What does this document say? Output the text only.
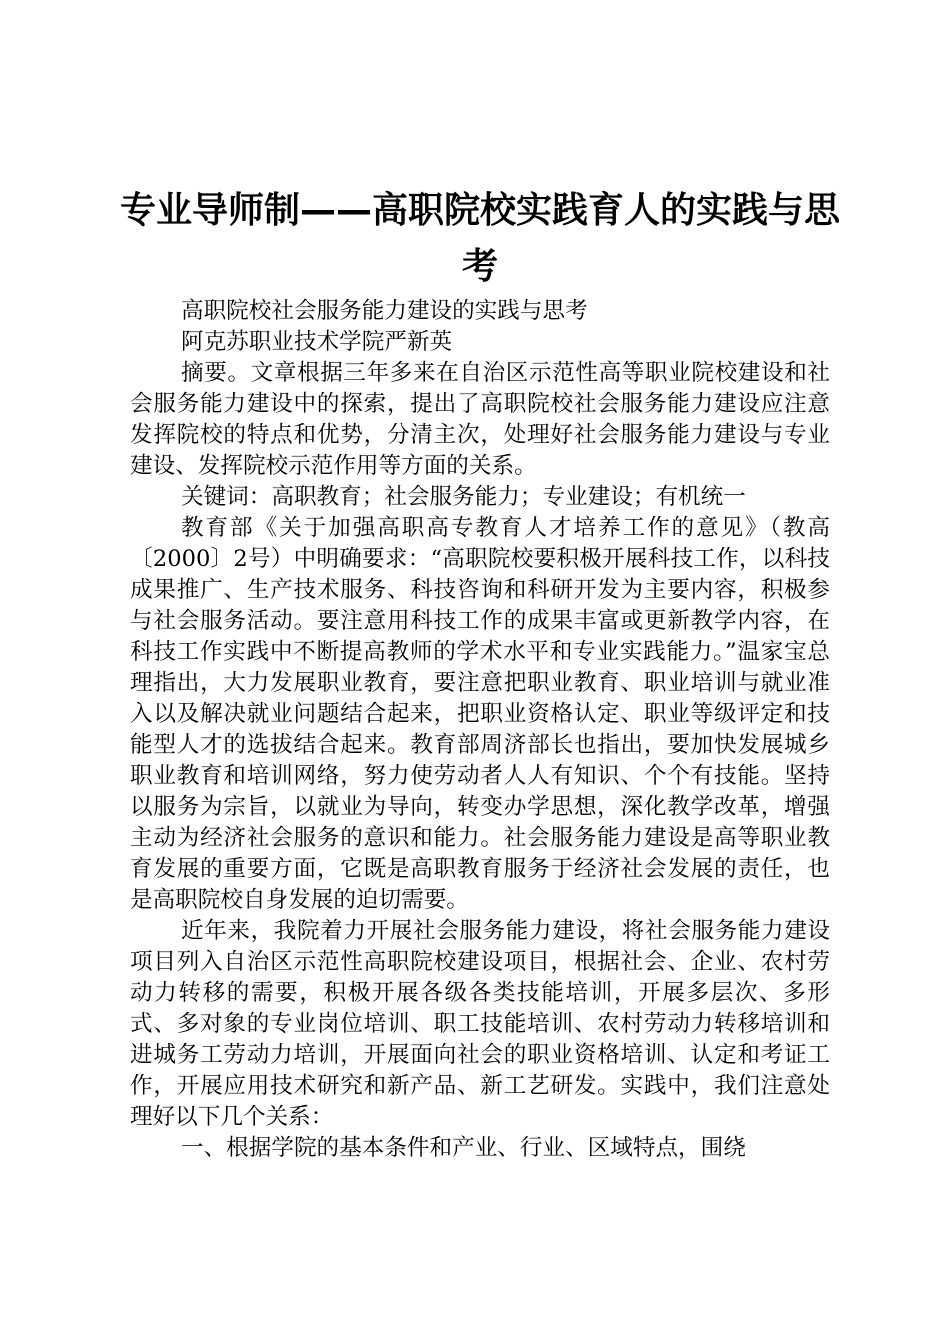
专业导师制——高职院校实践育人的实践与思考

高职院校社会服务能力建设的实践与思考

阿克苏职业技术学院严新英

摘要。文章根据三年多来在自治区示范性高等职业院校建设和社会服务能力建设中的探索，提出了高职院校社会服务能力建设应注意发挥院校的特点和优势，分清主次，处理好社会服务能力建设与专业建设、发挥院校示范作用等方面的关系。

关键词：高职教育；社会服务能力；专业建设；有机统一

教育部《关于加强高职高专教育人才培养工作的意见》（教高〔2000〕2号）中明确要求：“高职院校要积极开展科技工作，以科技成果推广、生产技术服务、科技咨询和科研开发为主要内容，积极参与社会服务活动。要注意用科技工作的成果丰富或更新教学内容，在科技工作实践中不断提高教师的学术水平和专业实践能力。”温家宝总理指出，大力发展职业教育，要注意把职业教育、职业培训与就业准入以及解决就业问题结合起来，把职业资格认定、职业等级评定和技能型人才的选拔结合起来。教育部周济部长也指出，要加快发展城乡职业教育和培训网络，努力使劳动者人人有知识、个个有技能。坚持以服务为宗旨，以就业为导向，转变办学思想，深化教学改革，增强主动为经济社会服务的意识和能力。社会服务能力建设是高等职业教育发展的重要方面，它既是高职教育服务于经济社会发展的责任，也是高职院校自身发展的迫切需要。

近年来，我院着力开展社会服务能力建设，将社会服务能力建设项目列入自治区示范性高职院校建设项目，根据社会、企业、农村劳动力转移的需要，积极开展各级各类技能培训，开展多层次、多形式、多对象的专业岗位培训、职工技能培训、农村劳动力转移培训和进城务工劳动力培训，开展面向社会的职业资格培训、认定和考证工作，开展应用技术研究和新产品、新工艺研发。实践中，我们注意处理好以下几个关系：

一、根据学院的基本条件和产业、行业、区域特点，围绕
